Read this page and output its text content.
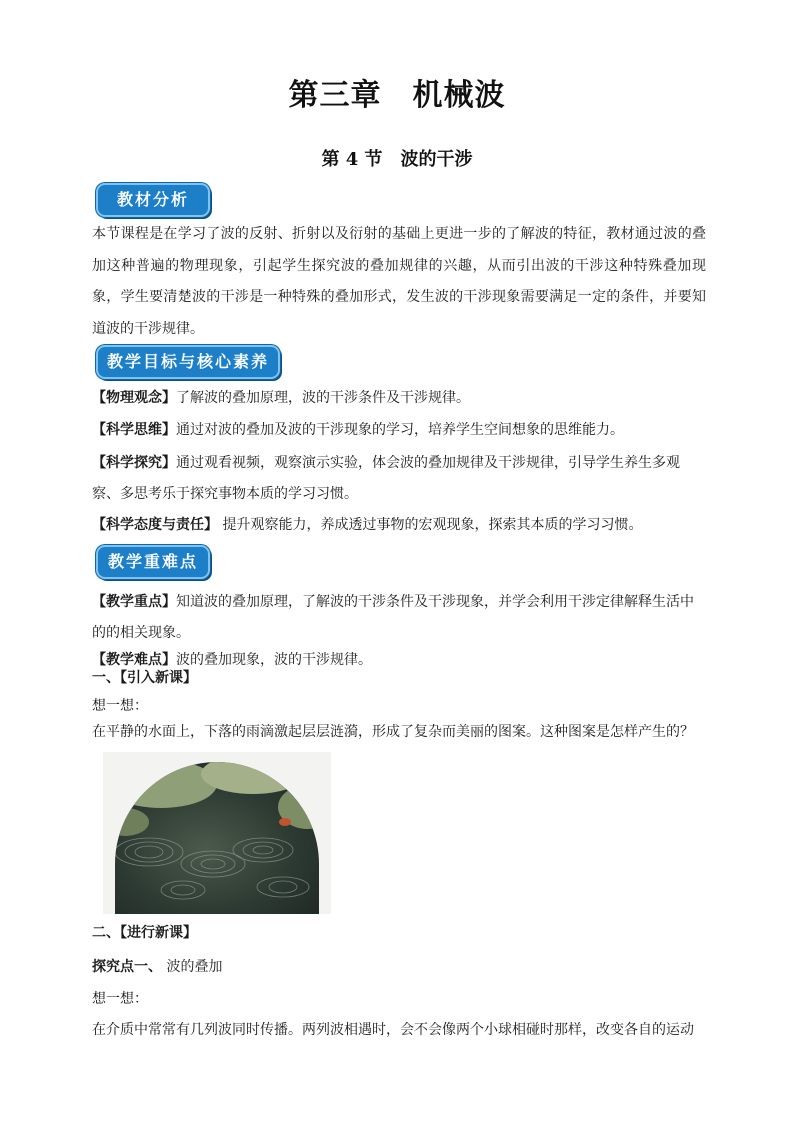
第三章　机械波
第 4 节　波的干涉
教材分析
本节课程是在学习了波的反射、折射以及衍射的基础上更进一步的了解波的特征，教材通过波的叠加这种普遍的物理现象，引起学生探究波的叠加规律的兴趣，从而引出波的干涉这种特殊叠加现象，学生要清楚波的干涉是一种特殊的叠加形式，发生波的干涉现象需要满足一定的条件，并要知道波的干涉规律。
教学目标与核心素养
【物理观念】了解波的叠加原理，波的干涉条件及干涉规律。
【科学思维】通过对波的叠加及波的干涉现象的学习，培养学生空间想象的思维能力。
【科学探究】通过观看视频，观察演示实验，体会波的叠加规律及干涉规律，引导学生养生多观察、多思考乐于探究事物本质的学习习惯。
【科学态度与责任】 提升观察能力，养成透过事物的宏观现象，探索其本质的学习习惯。
教学重难点
【教学重点】知道波的叠加原理，了解波的干涉条件及干涉现象，并学会利用干涉定律解释生活中的的相关现象。
【教学难点】波的叠加现象，波的干涉规律。
一、【引入新课】
想一想：
在平静的水面上，下落的雨滴激起层层涟漪，形成了复杂而美丽的图案。这种图案是怎样产生的？
二、【进行新课】
探究点一、 波的叠加
想一想：
在介质中常常有几列波同时传播。两列波相遇时，会不会像两个小球相碰时那样，改变各自的运动
